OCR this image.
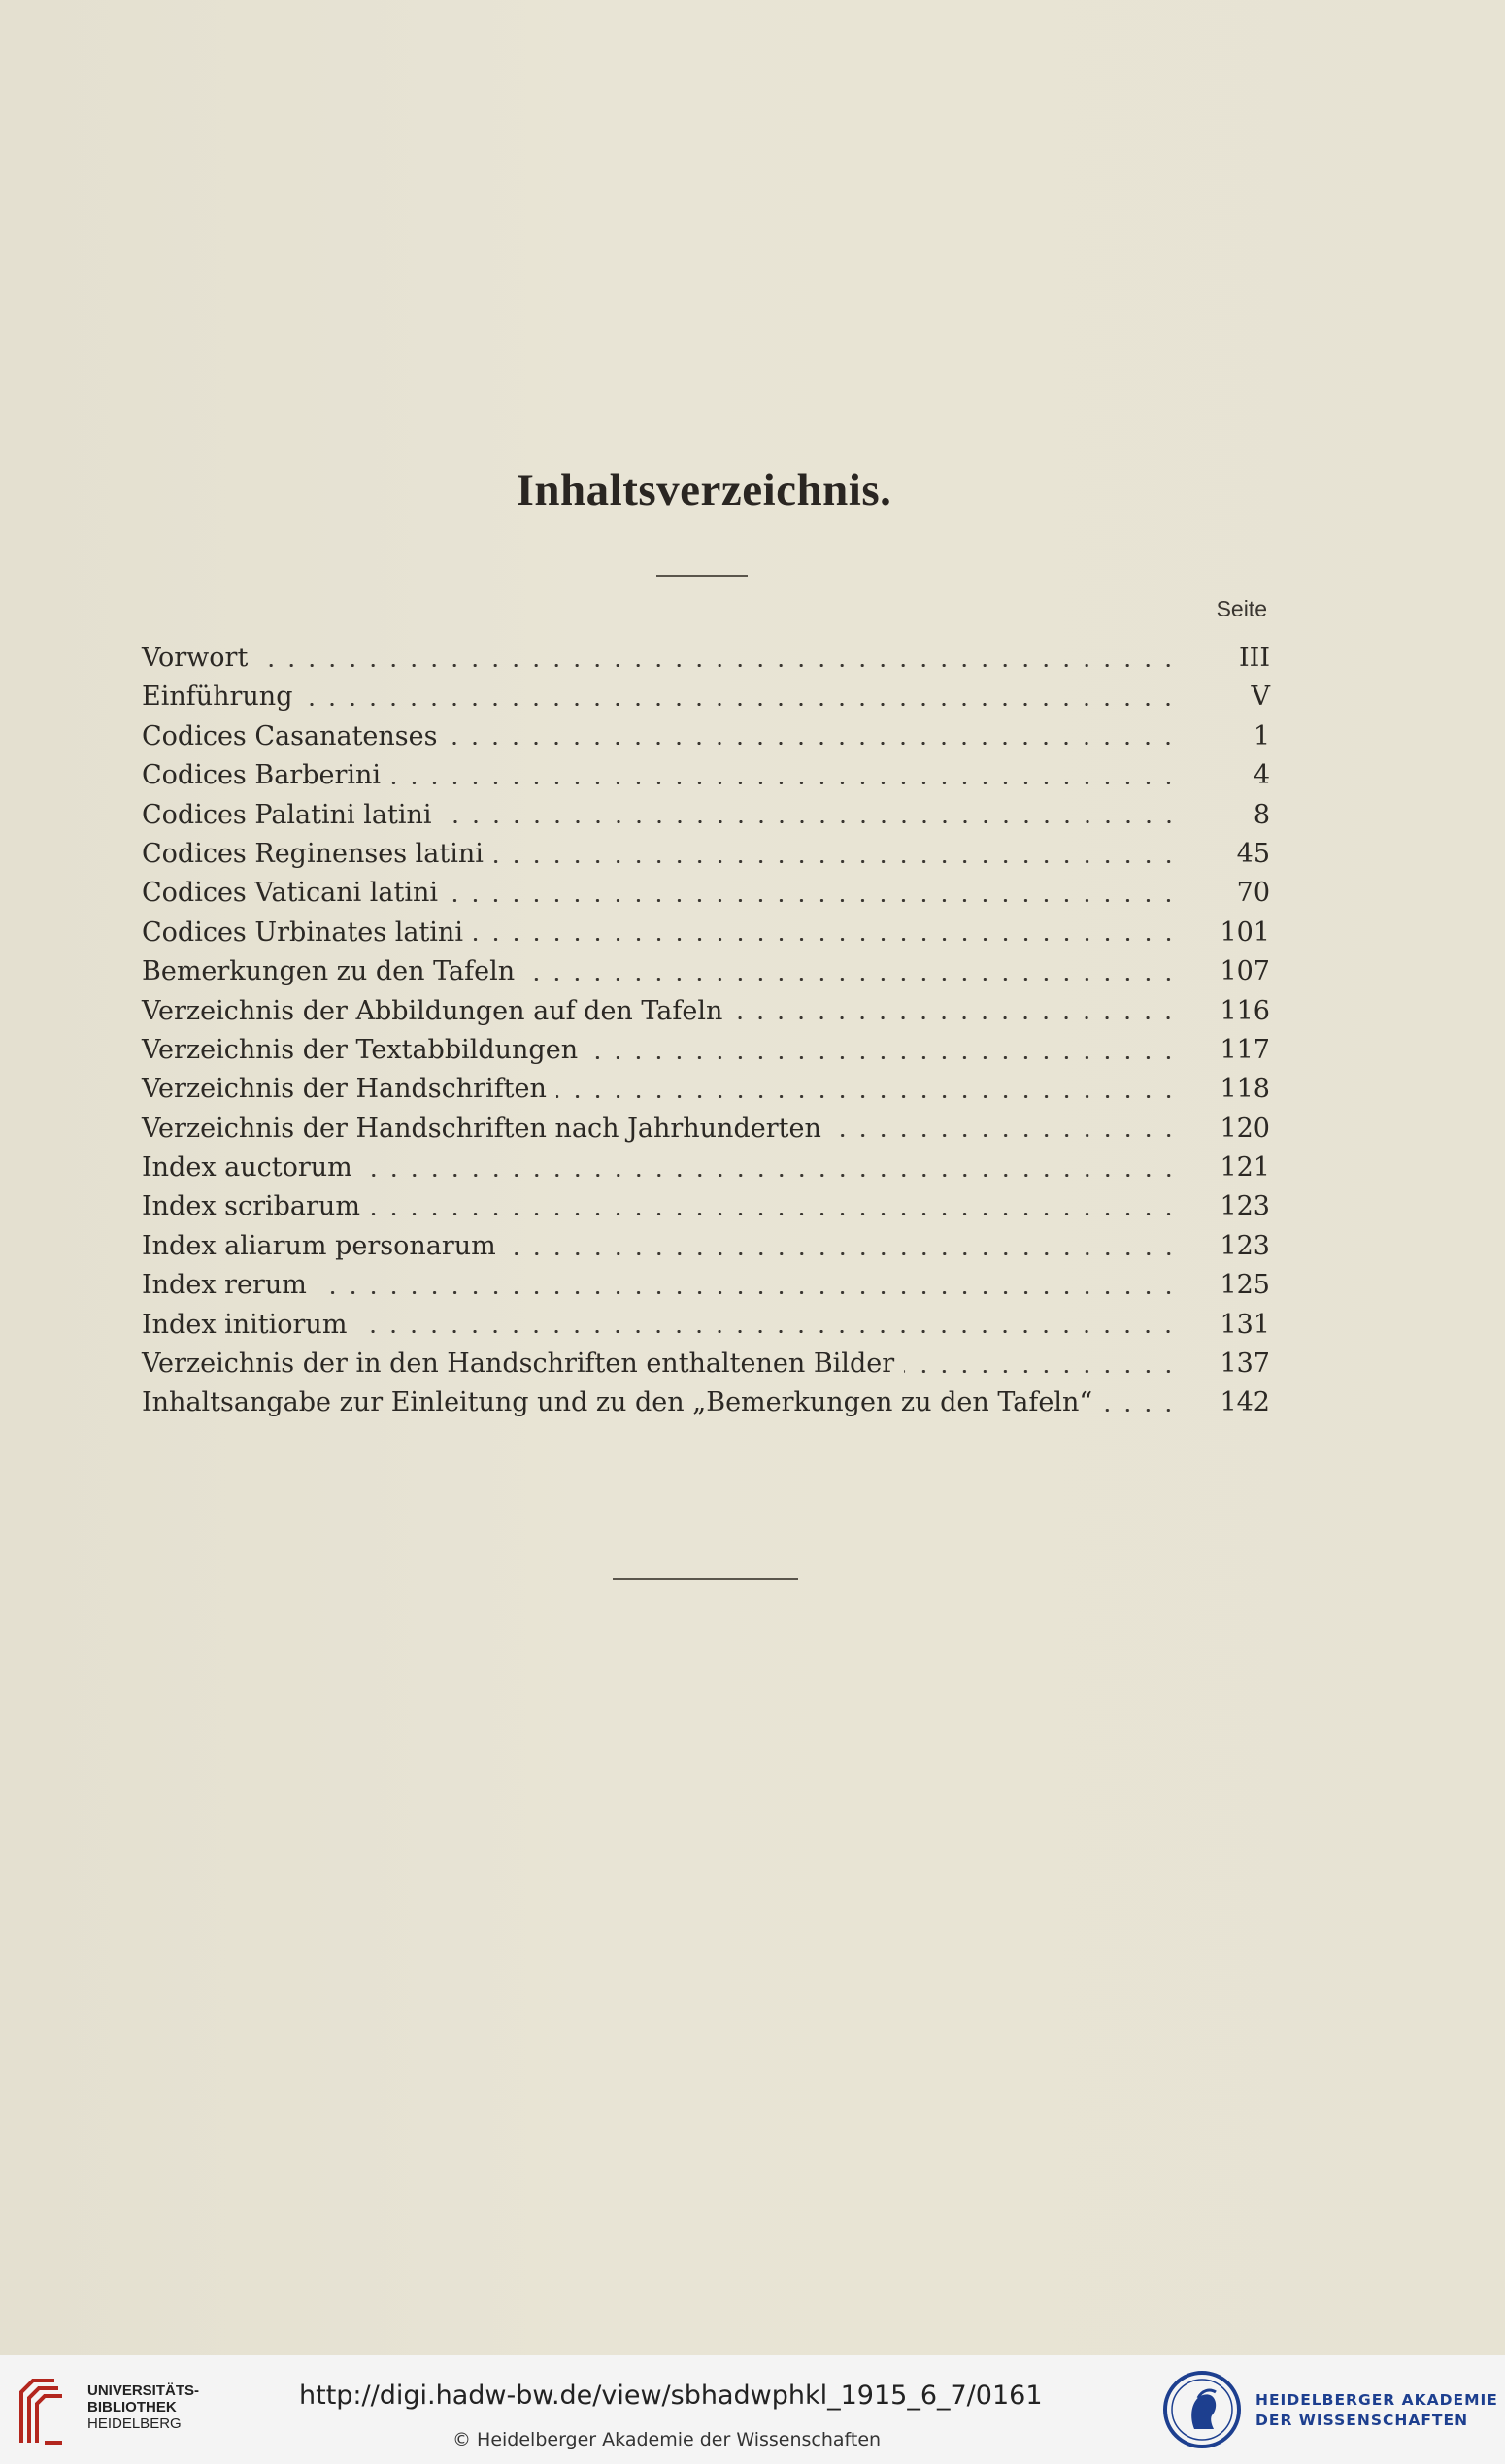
Inhaltsverzeichnis.
Seite
Vorwort	III
Einführung	V
Codices Casanatenses	1
Codices Barberini	4
Codices Palatini latini	8
Codices Reginenses latini	45
Codices Vaticani latini	70
Codices Urbinates latini	101
Bemerkungen zu den Tafeln	107
Verzeichnis der Abbildungen auf den Tafeln	116
Verzeichnis der Textabbildungen	117
Verzeichnis der Handschriften	118
Verzeichnis der Handschriften nach Jahrhunderten	120
Index auctorum	121
Index scribarum	123
Index aliarum personarum	123
Index rerum	125
Index initiorum	131
Verzeichnis der in den Handschriften enthaltenen Bilder	137
Inhaltsangabe zur Einleitung und zu den „Bemerkungen zu den Tafeln“	142
UNIVERSITÄTS-
BIBLIOTHEK
HEIDELBERG
http://digi.hadw-bw.de/view/sbhadwphkl_1915_6_7/0161
© Heidelberger Akademie der Wissenschaften
HEIDELBERGER AKADEMIE
DER WISSENSCHAFTEN
